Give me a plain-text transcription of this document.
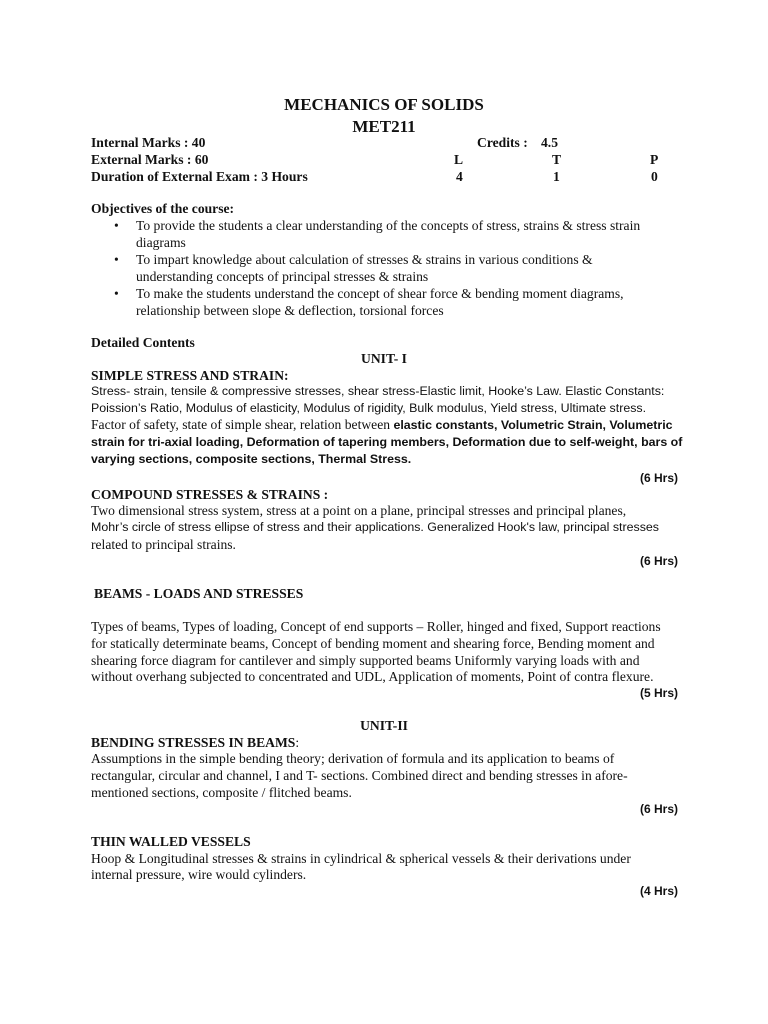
MECHANICS OF SOLIDS
MET211
Internal Marks : 40
External Marks : 60
Duration of External Exam : 3 Hours
Credits : 4.5
L	T	P
4	1	0
Objectives of the course:
• To provide the students a clear understanding of the concepts of stress, strains & stress strain
diagrams
• To impart knowledge about calculation of stresses & strains in various conditions &
understanding concepts of principal stresses & strains
• To make the students understand the concept of shear force & bending moment diagrams,
relationship between slope & deflection, torsional forces
Detailed Contents
UNIT- I
SIMPLE STRESS AND STRAIN:
Stress- strain, tensile & compressive stresses, shear stress-Elastic limit, Hooke’s Law. Elastic Constants:
Poission’s Ratio, Modulus of elasticity, Modulus of rigidity, Bulk modulus, Yield stress, Ultimate stress.
Factor of safety, state of simple shear, relation between elastic constants, Volumetric Strain, Volumetric
strain for tri-axial loading, Deformation of tapering members, Deformation due to self-weight, bars of
varying sections, composite sections, Thermal Stress.
(6 Hrs)
COMPOUND STRESSES & STRAINS :
Two dimensional stress system, stress at a point on a plane, principal stresses and principal planes,
Mohr’s circle of stress ellipse of stress and their applications. Generalized Hook's law, principal stresses
related to principal strains.
(6 Hrs)
BEAMS - LOADS AND STRESSES
Types of beams, Types of loading, Concept of end supports – Roller, hinged and fixed, Support reactions
for statically determinate beams, Concept of bending moment and shearing force, Bending moment and
shearing force diagram for cantilever and simply supported beams Uniformly varying loads with and
without overhang subjected to concentrated and UDL, Application of moments, Point of contra flexure.
(5 Hrs)
UNIT-II
BENDING STRESSES IN BEAMS:
Assumptions in the simple bending theory; derivation of formula and its application to beams of
rectangular, circular and channel, I and T- sections. Combined direct and bending stresses in afore-
mentioned sections, composite / flitched beams.
(6 Hrs)
THIN WALLED VESSELS
Hoop & Longitudinal stresses & strains in cylindrical & spherical vessels & their derivations under
internal pressure, wire would cylinders.
(4 Hrs)
